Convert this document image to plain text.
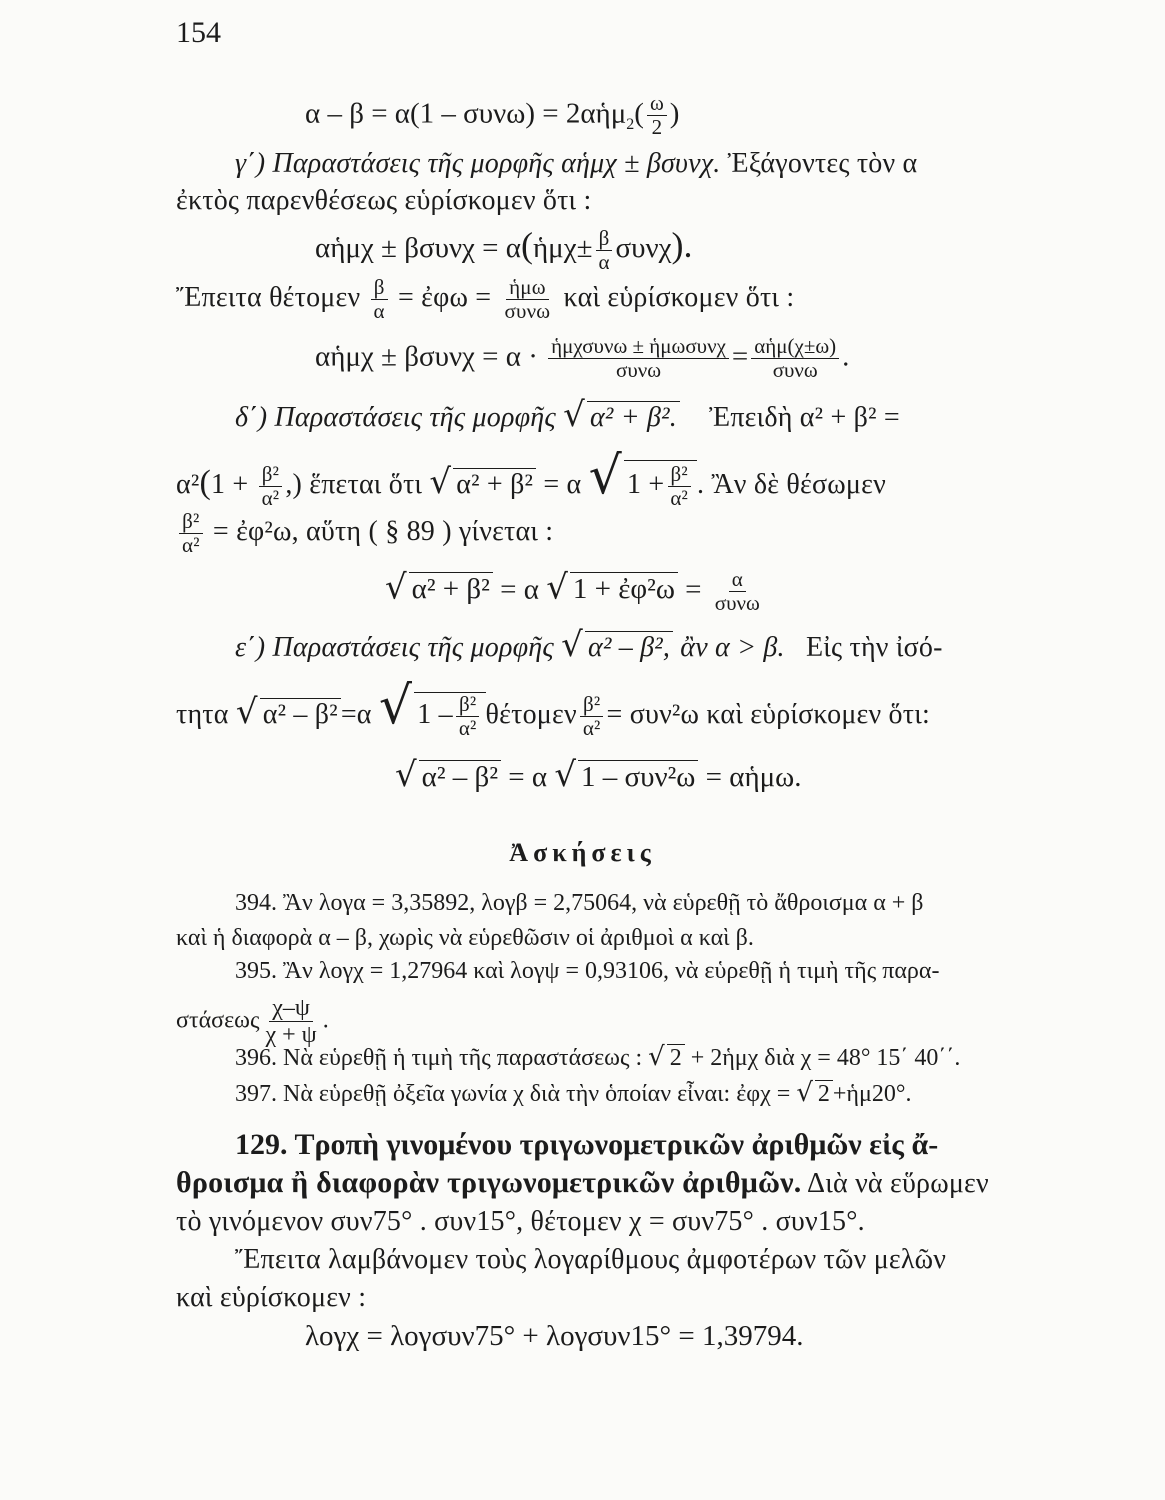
154
α – β = α(1 – συνω) = 2αἡμ$_2$( $\frac{\omega}{2}$ )
γ΄) Παραστάσεις τῆς μορφῆς αἡμχ ± βσυνχ. Ἐξάγοντες τὸν α
ἐκτὸς παρενθέσεως εὑρίσκομεν ὅτι :
αἡμχ ± βσυνχ = α(ἡμχ± $\frac{\beta}{\alpha} \sigma\upsilon\nu\chi$).
Ἔπειτα θέτομεν $\frac{\beta}{\alpha}$ = ἐφω = $\frac{\text{ἡμω}}{\text{συνω}}$ καὶ εὑρίσκομεν ὅτι :
αἡμχ ± $\beta\sigma\upsilon\nu\chi = \alpha \cdot \frac{\text{ἡμχσυνω ± ἡμωσυνχ}}{\text{συνω}} = \frac{\text{αἡμ(χ±ω)}}{\text{συνω}}$ .
δ΄) Παραστάσεις τῆς μορφῆς √ α² + β². Ἐπειδὴ α² + β² =
$\alpha^2(1 + \frac{\text{β²}}{\text{α²}}$ ,) ἕπεται ὅτι √ α² + β² = α √ $1 + \frac{\text{β²}}{\text{α²}}$ . Ἂν δὲ θέσωμεν
$\frac{\text{β²}}{\text{α²}}$ = ἐφ²ω, αὕτη ( § 89 ) γίνεται :
√ α² + β² = α √ 1 + ἐφ²ω = $\frac{\alpha}{\text{συνω}}$
ε΄) Παραστάσεις τῆς μορφῆς √ α² – β², ἂν α > β. Εἰς τὴν ἰσό-
τητα √ α² – β² =α √ $1 - \frac{\text{β²}}{\text{α²}}$ θέτομεν $\frac{\text{β²}}{\text{α²}} = \sigma\upsilon\nu^2\omega$ καὶ εὑρίσκομεν ὅτι:
√ α² – β² = α √ 1 – συν²ω = αἡμω.
Ἀσκήσεις
394. Ἂν λογα = 3,35892, λογβ = 2,75064, νὰ εὑρεθῇ τὸ ἄθροισμα α + β
καὶ ἡ διαφορὰ α – β, χωρὶς νὰ εὑρεθῶσιν οἱ ἀριθμοὶ α καὶ β.
395. Ἂν λογχ = 1,27964 καὶ λογψ = 0,93106, νὰ εὑρεθῇ ἡ τιμὴ τῆς παρα-
στάσεως $\frac{\chi-\psi}{\chi + \psi}$ .
396. Νὰ εὑρεθῇ ἡ τιμὴ τῆς παραστάσεως : √ 2 + 2ἡμχ διὰ χ = 48° 15΄ 40΄΄.
397. Νὰ εὑρεθῇ ὀξεῖα γωνία χ διὰ τὴν ὁποίαν εἶναι: ἐφχ = √ 2 +ἡμ20°.
129. Τροπὴ γινομένου τριγωνομετρικῶν ἀριθμῶν εἰς ἄ-
θροισμα ἢ διαφορὰν τριγωνομετρικῶν ἀριθμῶν. Διὰ νὰ εὕρωμεν
τὸ γινόμενον συν75° . συν15°, θέτομεν χ = συν75° . συν15°.
Ἔπειτα λαμβάνομεν τοὺς λογαρίθμους ἀμφοτέρων τῶν μελῶν
καὶ εὑρίσκομεν :
λογχ = λογσυν75° + λογσυν15° = 1,39794.
